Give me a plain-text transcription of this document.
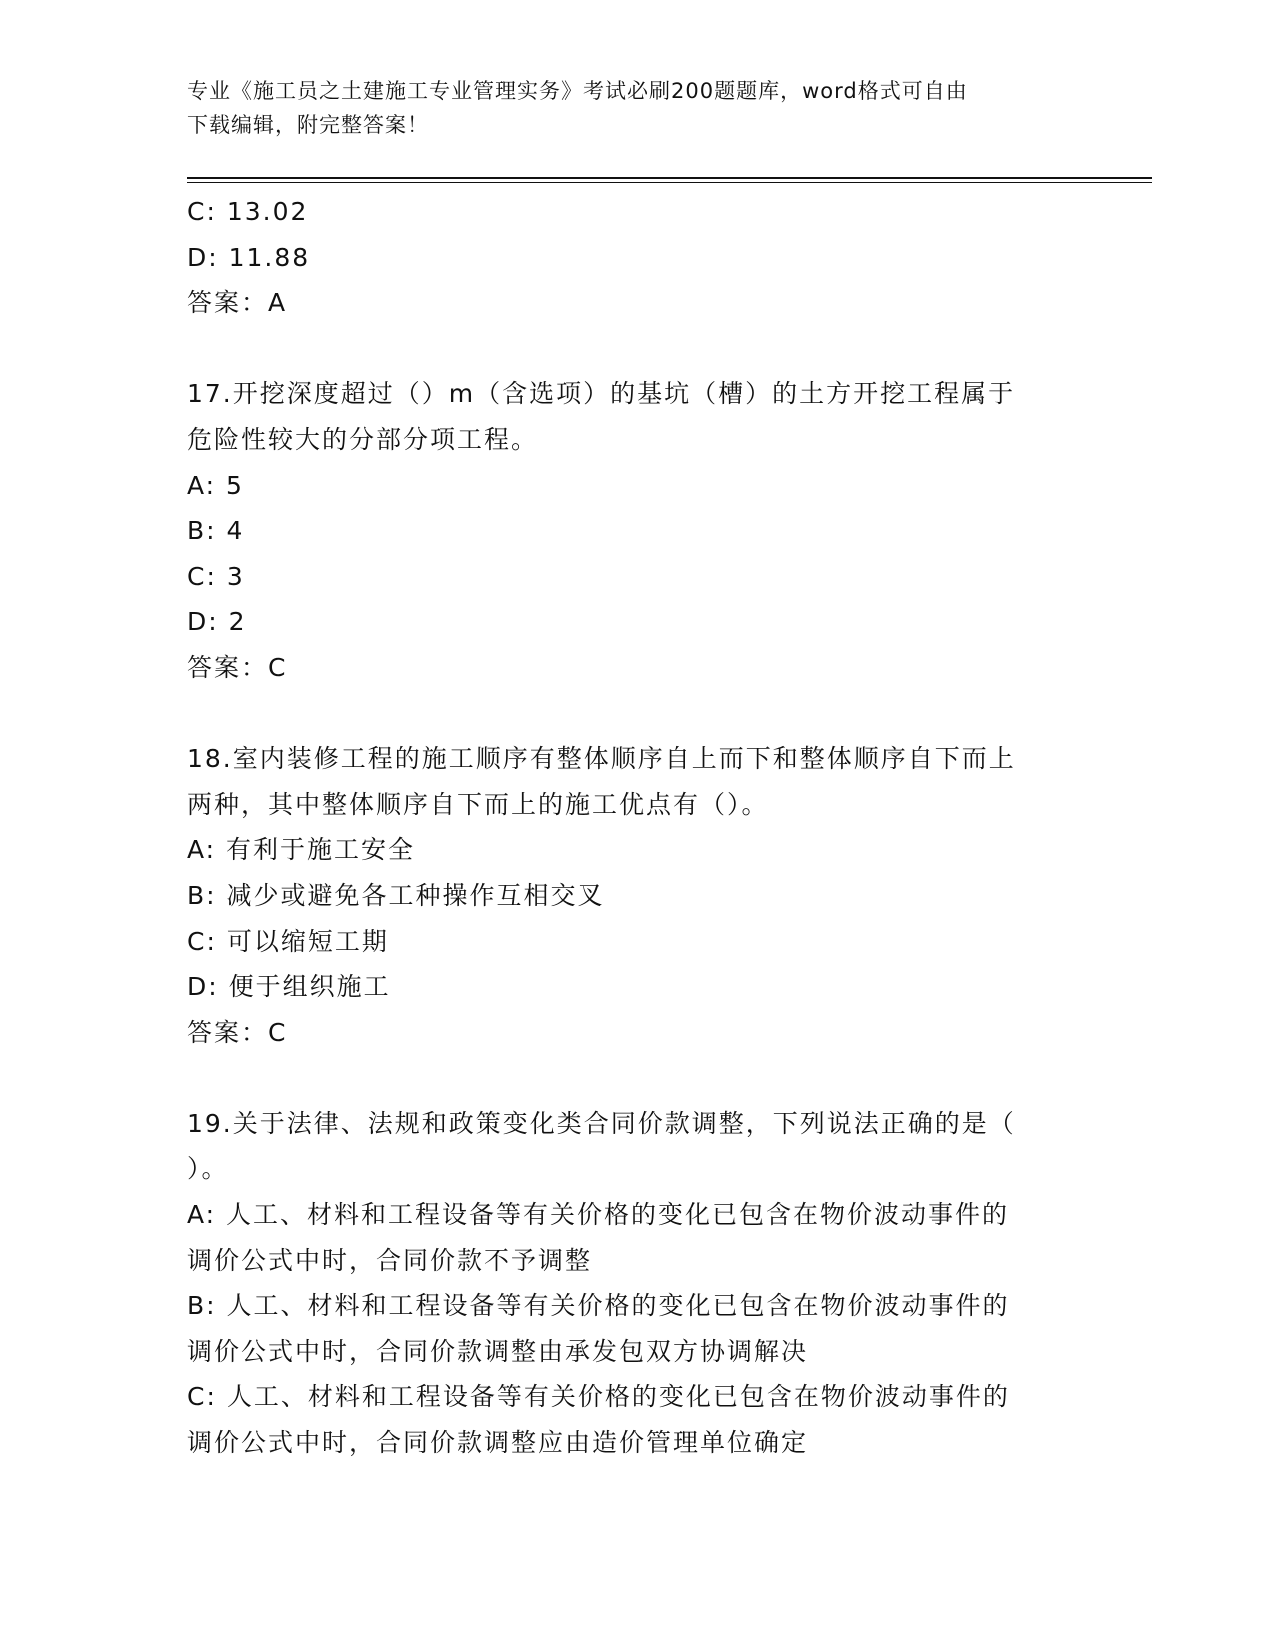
专业《施工员之土建施工专业管理实务》考试必刷200题题库，word格式可自由
下载编辑，附完整答案！
C: 13.02
D: 11.88
答案：A
17.开挖深度超过（）m（含选项）的基坑（槽）的土方开挖工程属于
危险性较大的分部分项工程。
A: 5
B: 4
C: 3
D: 2
答案：C
18.室内装修工程的施工顺序有整体顺序自上而下和整体顺序自下而上
两种，其中整体顺序自下而上的施工优点有（）。
A: 有利于施工安全
B: 减少或避免各工种操作互相交叉
C: 可以缩短工期
D: 便于组织施工
答案：C
19.关于法律、法规和政策变化类合同价款调整，下列说法正确的是（
）。
A: 人工、材料和工程设备等有关价格的变化已包含在物价波动事件的
调价公式中时，合同价款不予调整
B: 人工、材料和工程设备等有关价格的变化已包含在物价波动事件的
调价公式中时，合同价款调整由承发包双方协调解决
C: 人工、材料和工程设备等有关价格的变化已包含在物价波动事件的
调价公式中时，合同价款调整应由造价管理单位确定
